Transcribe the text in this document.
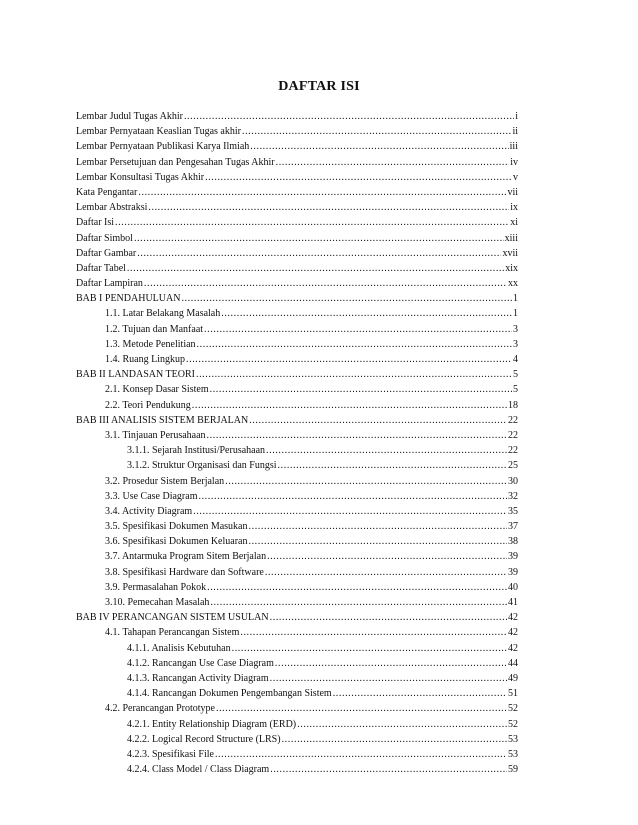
DAFTAR ISI
Lembar Judul Tugas Akhir .....	i
Lembar Pernyataan Keaslian Tugas akhir .....	ii
Lembar Pernyataan Publikasi Karya Ilmiah .....	iii
Lembar Persetujuan dan Pengesahan Tugas Akhir .....	iv
Lembar Konsultasi Tugas Akhir .....	v
Kata Pengantar .....	vii
Lembar Abstraksi .....	ix
Daftar Isi .....	xi
Daftar Simbol .....	xiii
Daftar Gambar .....	xvii
Daftar Tabel .....	xix
Daftar Lampiran .....	xx
BAB I PENDAHULUAN .....	1
1.1. Latar Belakang Masalah .....	1
1.2. Tujuan dan Manfaat .....	3
1.3. Metode Penelitian .....	3
1.4. Ruang Lingkup .....	4
BAB II LANDASAN TEORI .....	5
2.1. Konsep Dasar Sistem .....	5
2.2. Teori Pendukung .....	18
BAB III ANALISIS SISTEM BERJALAN .....	22
3.1. Tinjauan Perusahaan .....	22
3.1.1. Sejarah Institusi/Perusahaan .....	22
3.1.2. Struktur Organisasi dan Fungsi .....	25
3.2. Prosedur Sistem Berjalan .....	30
3.3. Use Case Diagram .....	32
3.4. Activity Diagram .....	35
3.5. Spesifikasi Dokumen Masukan .....	37
3.6. Spesifikasi Dokumen Keluaran .....	38
3.7. Antarmuka Program Sitem Berjalan .....	39
3.8. Spesifikasi Hardware dan Software .....	39
3.9. Permasalahan Pokok .....	40
3.10. Pemecahan Masalah .....	41
BAB IV PERANCANGAN SISTEM USULAN .....	42
4.1. Tahapan Perancangan Sistem .....	42
4.1.1. Analisis Kebutuhan .....	42
4.1.2. Rancangan Use Case Diagram .....	44
4.1.3. Rancangan Activity Diagram .....	49
4.1.4. Rancangan Dokumen Pengembangan Sistem .....	51
4.2. Perancangan Prototype .....	52
4.2.1. Entity Relationship Diagram (ERD) .....	52
4.2.2. Logical Record Structure (LRS) .....	53
4.2.3. Spesifikasi File .....	53
4.2.4. Class Model / Class Diagram .....	59
